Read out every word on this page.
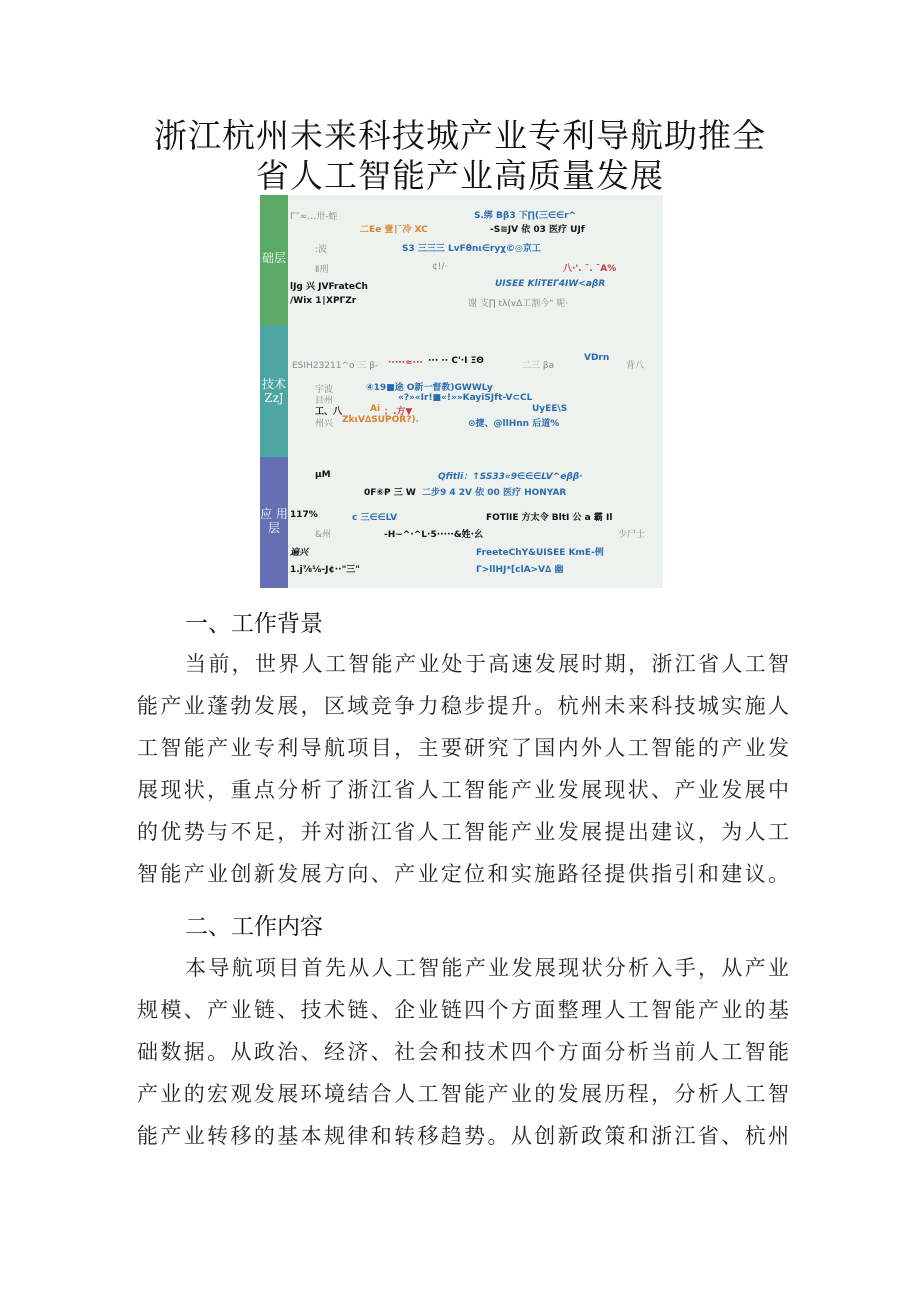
浙江杭州未来科技城产业专利导航助推全
省人工智能产业高质量发展
础层
技术 ZzJ
应 用 层
Γ‴∞…卅-蛭	S.绑 Bβ3 下∏(三∈∈r^
二Ee 壹∣ˉ冷 XC	-S≡JV 依 03 医疗 UJf
:波	S3 三三三 LvFθnι∈ryχ©◎京工
Ⅱ刑	¢!/·	八·'. ˉ. ˉA%
lJg 兴 JVFrateCh	UISEE KliTEΓ4IW<aβR
/Wix 1∣XPΓZr	谢 支∏ tλ(v∆工割今" 呢·
ESIH23211^o 三 β- ·∙∙∙∙≈∙∙∙ ∙∙∙ ∙∙ C'·I ΞΘ	二三 βa
VDrn
背八
宇波	④19■途 O新一督教)GWWLy
目州	«?»«Ir!■«!»»KayiSJft-V⊂CL
工、八	Ai ；.方▼	UyEE\S
州兴 ZkιV∆SUPOR?).	⊙捷、@llHnn 后道%
μM	Qfitli：↑SS33«9∈∈∈LV^eββ·
0F⑥P 三 W 二步9 4 2V 依 00 医疗 HONYAR
117%	c 三∈∈LV	FOTlIE 方太令 BltI 公 a 霸 Il
&州	-H~^·^L·5·····&姓·幺	少尸士
遍兴	FreeteChY&UISEE KmE-例
1.j⅞⅛-J¢··"三"	Γ>llHJ*[clA>V∆ 幽
一、工作背景
当前，世界人工智能产业处于高速发展时期，浙江省人工智
能产业蓬勃发展，区域竞争力稳步提升。杭州未来科技城实施人
工智能产业专利导航项目，主要研究了国内外人工智能的产业发
展现状，重点分析了浙江省人工智能产业发展现状、产业发展中
的优势与不足，并对浙江省人工智能产业发展提出建议，为人工
智能产业创新发展方向、产业定位和实施路径提供指引和建议。
二、工作内容
本导航项目首先从人工智能产业发展现状分析入手，从产业
规模、产业链、技术链、企业链四个方面整理人工智能产业的基
础数据。从政治、经济、社会和技术四个方面分析当前人工智能
产业的宏观发展环境结合人工智能产业的发展历程，分析人工智
能产业转移的基本规律和转移趋势。从创新政策和浙江省、杭州
